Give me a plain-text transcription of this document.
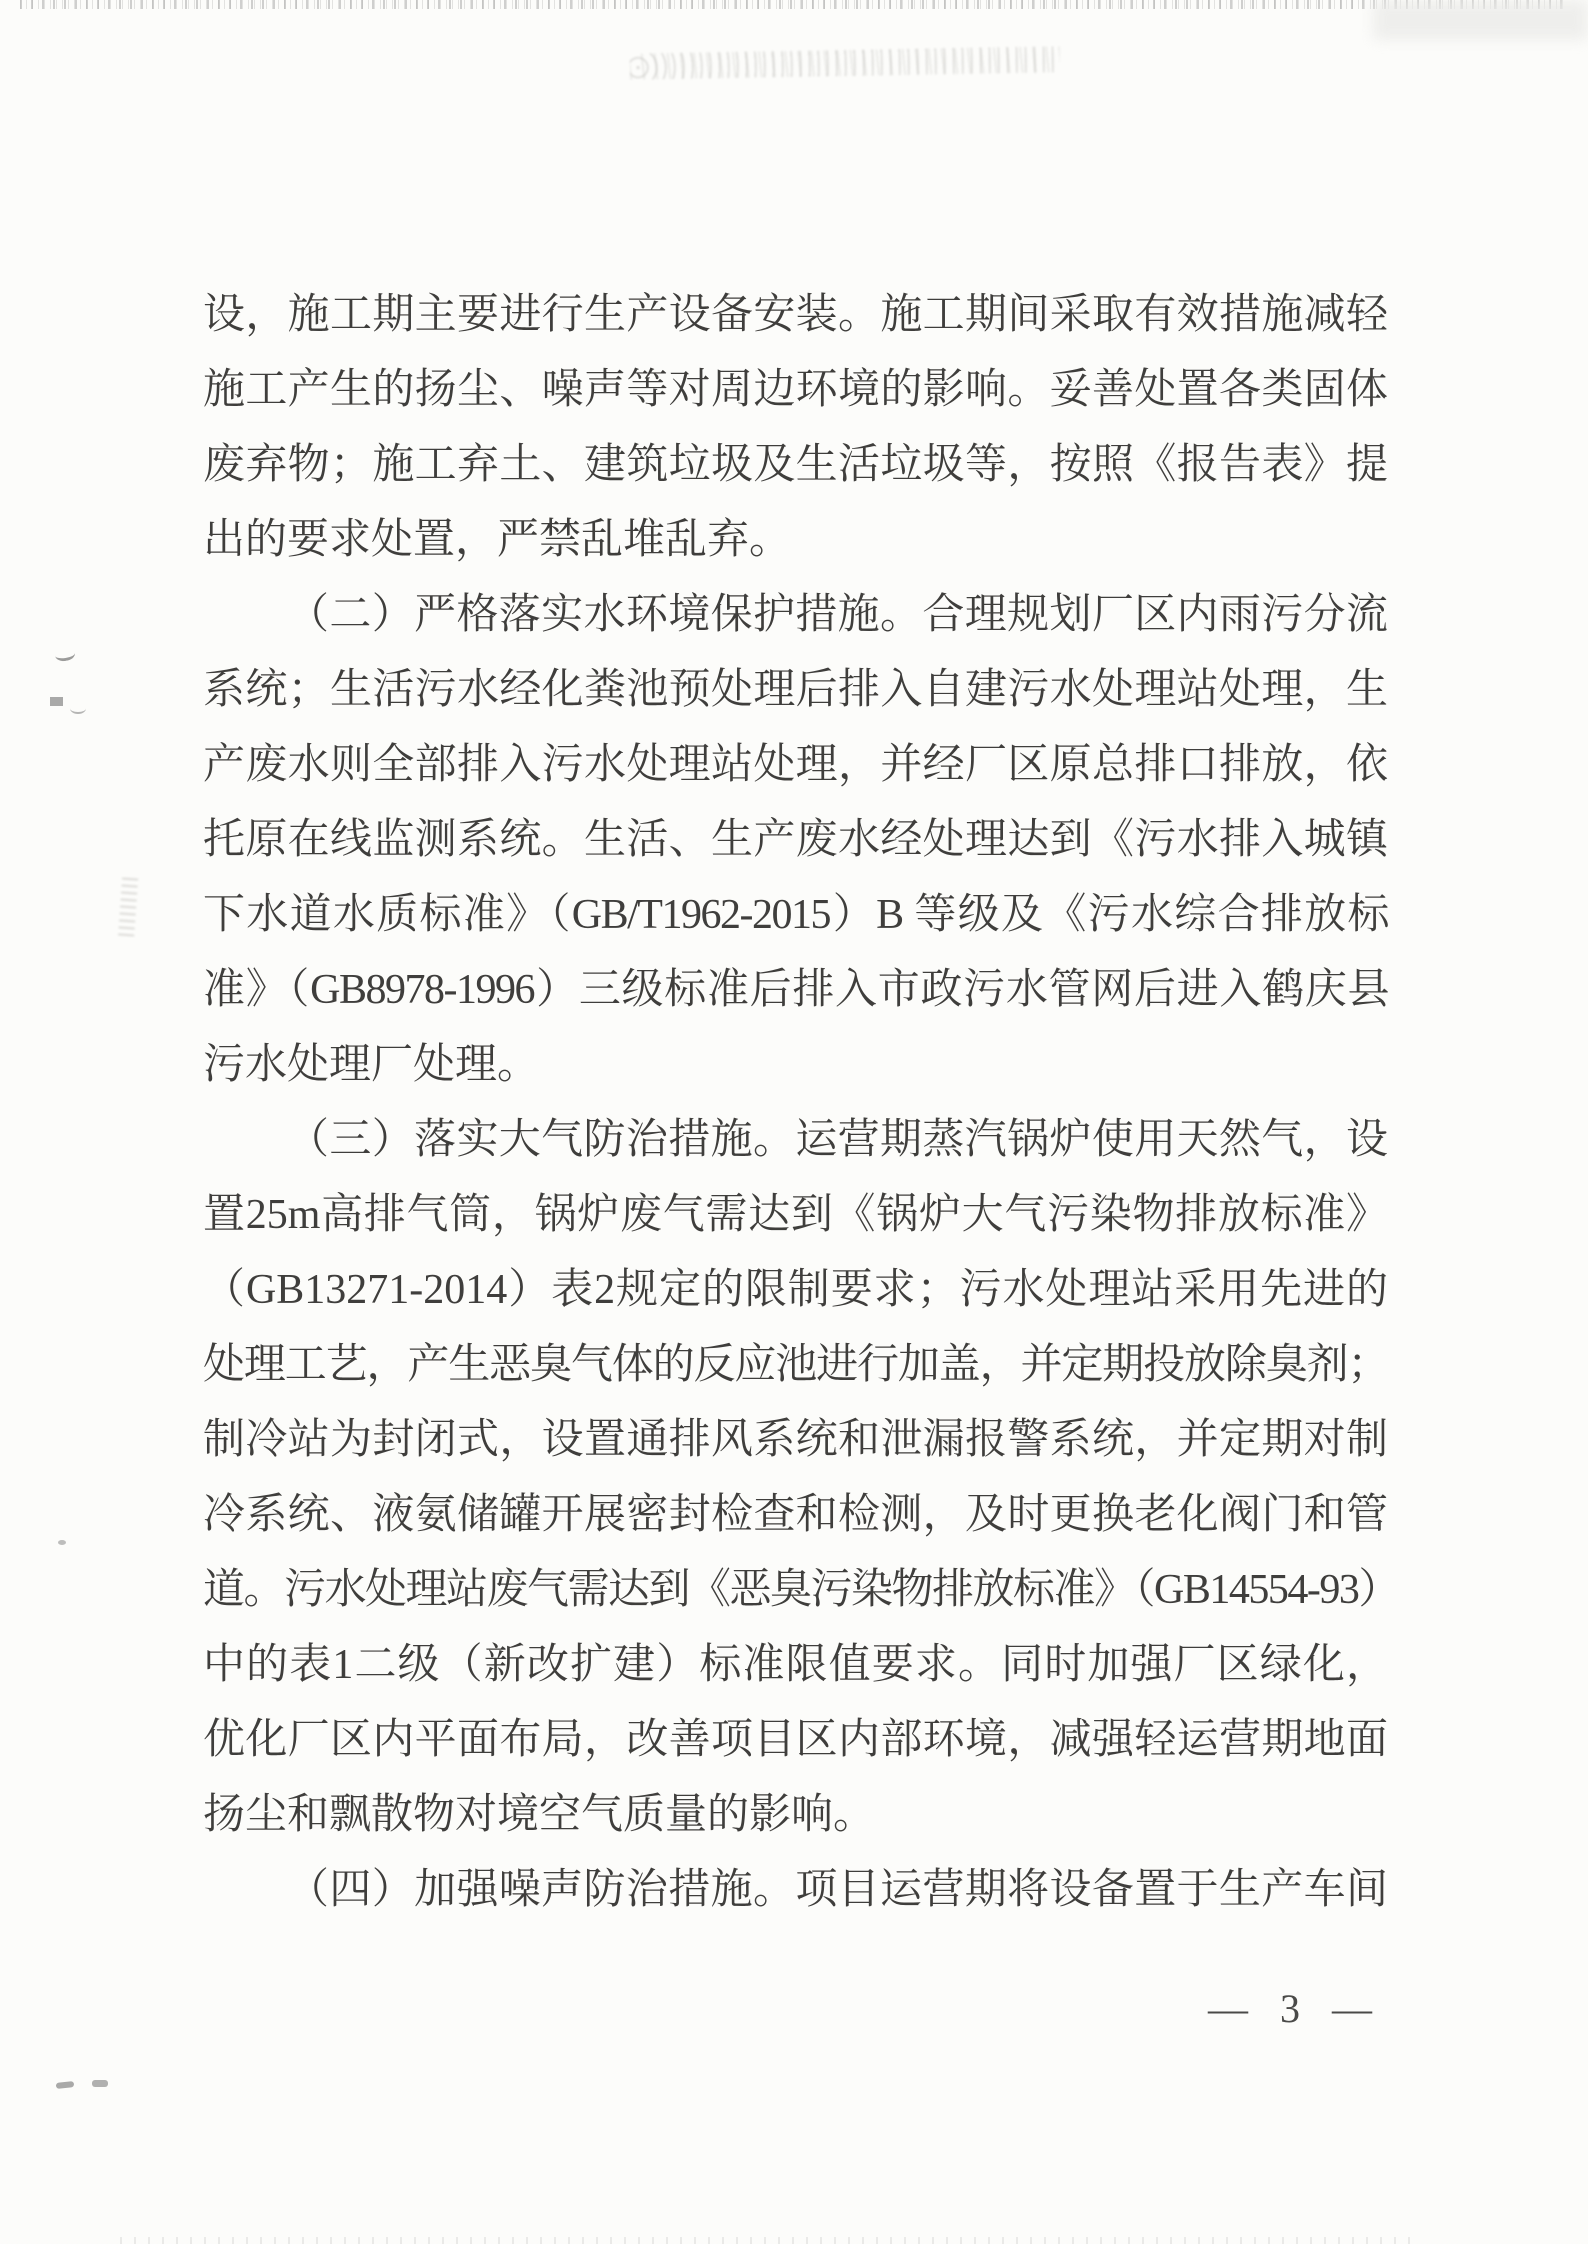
设，施工期主要进行生产设备安装。施工期间采取有效措施减轻
施工产生的扬尘、噪声等对周边环境的影响。妥善处置各类固体
废弃物；施工弃土、建筑垃圾及生活垃圾等，按照《报告表》提
出的要求处置，严禁乱堆乱弃。
（二）严格落实水环境保护措施。合理规划厂区内雨污分流
系统；生活污水经化粪池预处理后排入自建污水处理站处理，生
产废水则全部排入污水处理站处理，并经厂区原总排口排放，依
托原在线监测系统。生活、生产废水经处理达到《污水排入城镇
下水道水质标准》（GB/T1962-2015）B 等级及《污水综合排放标
准》（GB8978-1996）三级标准后排入市政污水管网后进入鹤庆县
污水处理厂处理。
（三）落实大气防治措施。运营期蒸汽锅炉使用天然气，设
置25m高排气筒，锅炉废气需达到《锅炉大气污染物排放标准》
（GB13271-2014）表2规定的限制要求；污水处理站采用先进的
处理工艺，产生恶臭气体的反应池进行加盖，并定期投放除臭剂；
制冷站为封闭式，设置通排风系统和泄漏报警系统，并定期对制
冷系统、液氨储罐开展密封检查和检测，及时更换老化阀门和管
道。污水处理站废气需达到《恶臭污染物排放标准》（GB14554-93）
中的表1二级（新改扩建）标准限值要求。同时加强厂区绿化，
优化厂区内平面布局，改善项目区内部环境，减强轻运营期地面
扬尘和飘散物对境空气质量的影响。
（四）加强噪声防治措施。项目运营期将设备置于生产车间
— 3 —
